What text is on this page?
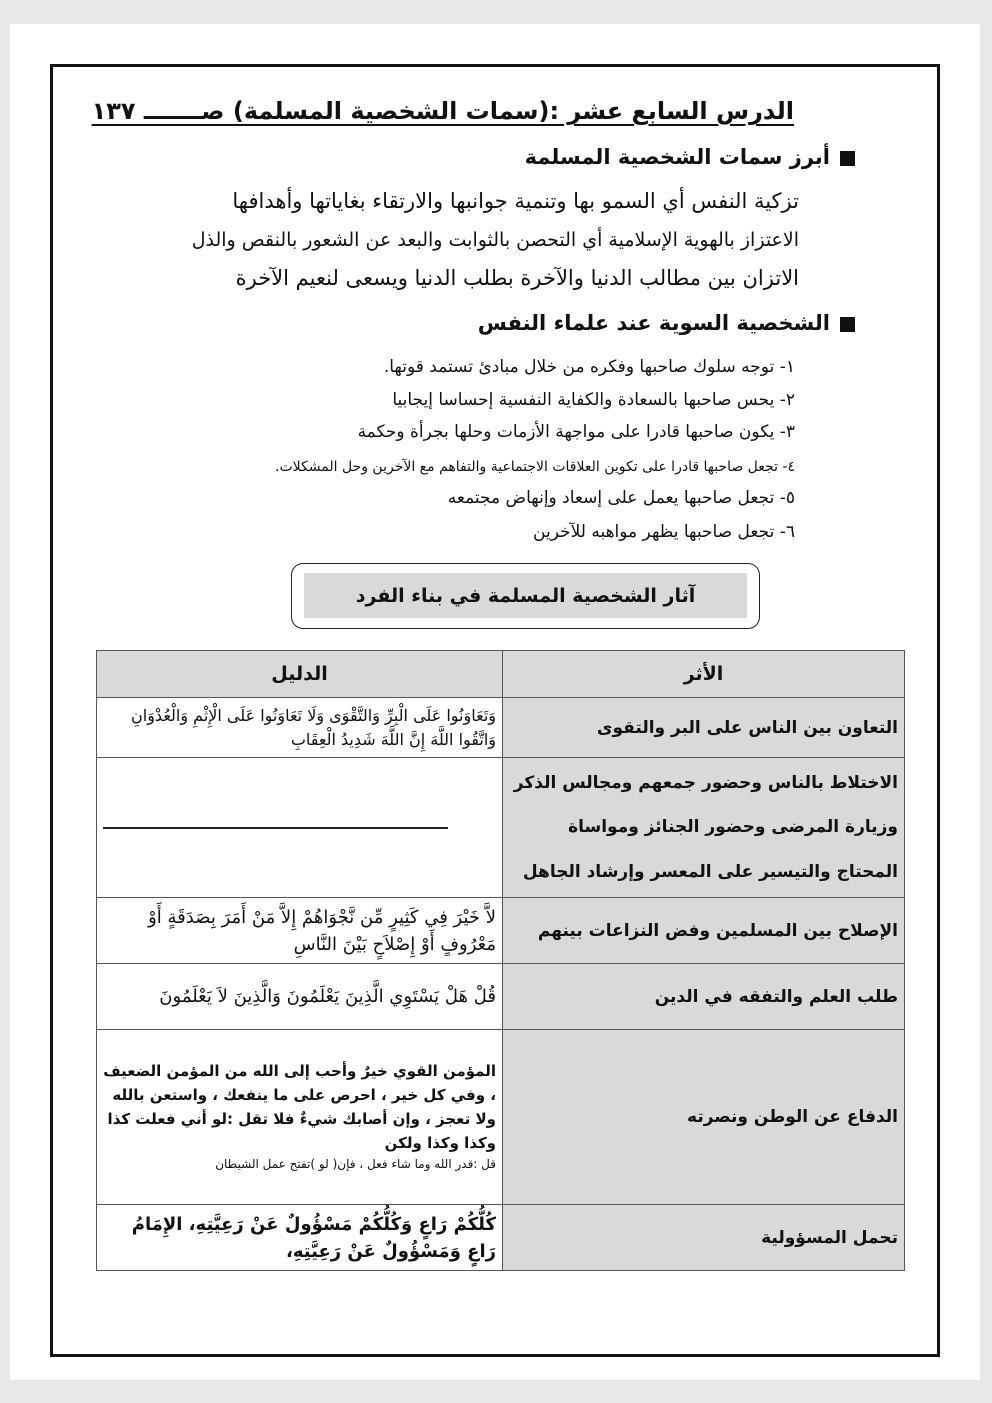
الدرس السابع عشر :(سمات الشخصية المسلمة) صـــــــ ١٣٧
أبرز سمات الشخصية المسلمة
تزكية النفس أي السمو بها وتنمية جوانبها والارتقاء بغاياتها وأهدافها
الاعتزاز بالهوية الإسلامية أي التحصن بالثوابت والبعد عن الشعور بالنقص والذل
الاتزان بين مطالب الدنيا والآخرة بطلب الدنيا ويسعى لنعيم الآخرة
الشخصية السوية عند علماء النفس
١- توجه سلوك صاحبها وفكره من خلال مبادئ تستمد قوتها.
٢- يحس صاحبها بالسعادة والكفاية النفسية إحساسا إيجابيا
٣- يكون صاحبها قادرا على مواجهة الأزمات وحلها بجرأة وحكمة
٤- تجعل صاحبها قادرا على تكوين العلاقات الاجتماعية والتفاهم مع الآخرين وحل المشكلات.
٥- تجعل صاحبها يعمل على إسعاد وإنهاض مجتمعه
٦- تجعل صاحبها يظهر مواهبه للآخرين
آثار الشخصية المسلمة في بناء الفرد
الأثر	الدليل
التعاون بين الناس على البر والتقوى	وَتَعَاوَنُوا عَلَى الْبِرِّ وَالتَّقْوَى وَلَا تَعَاوَنُوا عَلَى الْإِثْمِ وَالْعُدْوَانِ وَاتَّقُوا اللَّهَ إِنَّ اللَّهَ شَدِيدُ الْعِقَابِ
الاختلاط بالناس وحضور جمعهم ومجالس الذكر وزيارة المرضى وحضور الجنائز ومواساة المحتاج والتيسير على المعسر وإرشاد الجاهل	

الإصلاح بين المسلمين وفض النزاعات بينهم	لاَّ خَيْرَ فِي كَثِيرٍ مِّن نَّجْوَاهُمْ إِلاَّ مَنْ أَمَرَ بِصَدَقَةٍ أَوْ مَعْرُوفٍ أَوْ إِصْلاَحٍ بَيْنَ النَّاسِ
طلب العلم والتفقه في الدين	قُلْ هَلْ يَسْتَوِي الَّذِينَ يَعْلَمُونَ وَالَّذِينَ لاَ يَعْلَمُونَ
الدفاع عن الوطن ونصرته	المؤمن القوي خيرٌ وأحب إلى الله من المؤمن الضعيف ، وفي كل خير ، احرص على ما ينفعك ، واستعن بالله ولا تعجز ، وإن أصابك شيءٌ فلا تقل :لو أني فعلت كذا وكذا وكذا ولكن
قل :قدر الله وما شاء فعل ، فإن( لو )تفتح عمل الشيطان

تحمل المسؤولية	كُلُّكُمْ رَاعٍ وَكُلُّكُمْ مَسْؤُولٌ عَنْ رَعِيَّتِهِ، الإِمَامُ رَاعٍ وَمَسْؤُولٌ عَنْ رَعِيَّتِهِ،
